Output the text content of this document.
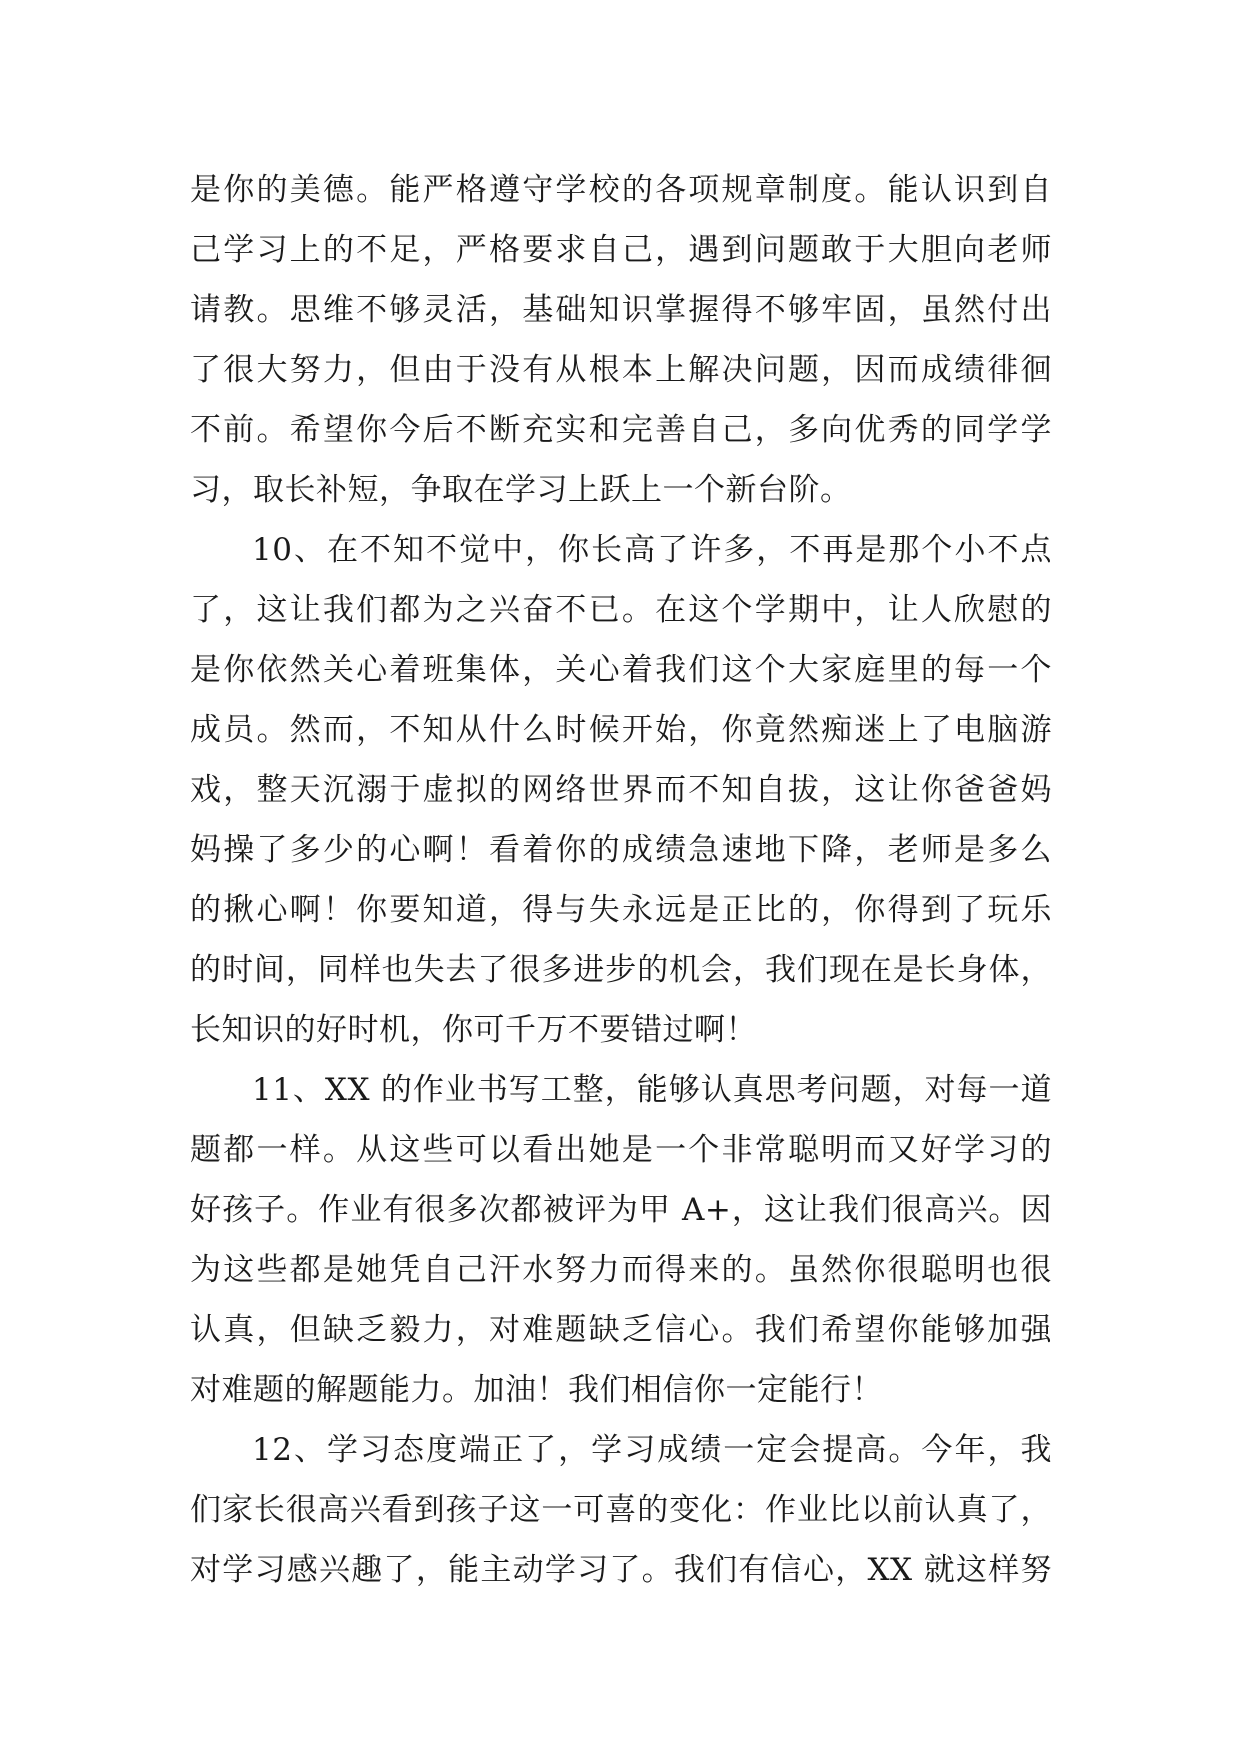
是你的美德。能严格遵守学校的各项规章制度。能认识到自

己学习上的不足，严格要求自己，遇到问题敢于大胆向老师

请教。思维不够灵活，基础知识掌握得不够牢固，虽然付出

了很大努力，但由于没有从根本上解决问题，因而成绩徘徊

不前。希望你今后不断充实和完善自己，多向优秀的同学学

习，取长补短，争取在学习上跃上一个新台阶。

10、在不知不觉中，你长高了许多，不再是那个小不点

了，这让我们都为之兴奋不已。在这个学期中，让人欣慰的

是你依然关心着班集体，关心着我们这个大家庭里的每一个

成员。然而，不知从什么时候开始，你竟然痴迷上了电脑游

戏，整天沉溺于虚拟的网络世界而不知自拔，这让你爸爸妈

妈操了多少的心啊！看着你的成绩急速地下降，老师是多么

的揪心啊！你要知道，得与失永远是正比的，你得到了玩乐

的时间，同样也失去了很多进步的机会，我们现在是长身体，

长知识的好时机，你可千万不要错过啊！

11、XX 的作业书写工整，能够认真思考问题，对每一道

题都一样。从这些可以看出她是一个非常聪明而又好学习的

好孩子。作业有很多次都被评为甲 A+，这让我们很高兴。因

为这些都是她凭自己汗水努力而得来的。虽然你很聪明也很

认真，但缺乏毅力，对难题缺乏信心。我们希望你能够加强

对难题的解题能力。加油！我们相信你一定能行！

12、学习态度端正了，学习成绩一定会提高。今年，我

们家长很高兴看到孩子这一可喜的变化：作业比以前认真了，

对学习感兴趣了，能主动学习了。我们有信心，XX 就这样努
